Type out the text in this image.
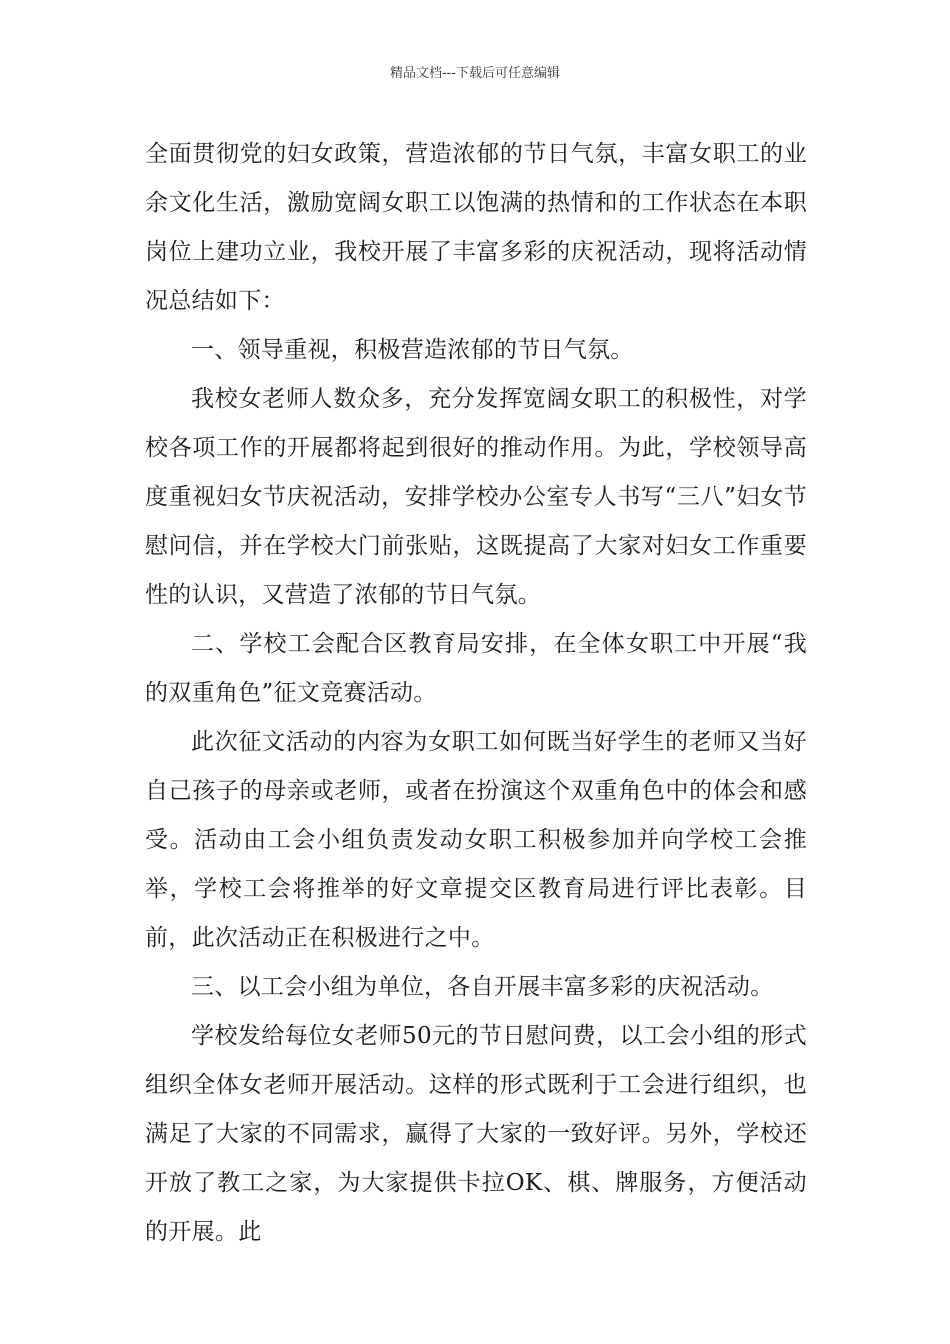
精品文档---下载后可任意编辑

全面贯彻党的妇女政策，营造浓郁的节日气氛，丰富女职工的业余文化生活，激励宽阔女职工以饱满的热情和的工作状态在本职岗位上建功立业，我校开展了丰富多彩的庆祝活动，现将活动情况总结如下：

一、领导重视，积极营造浓郁的节日气氛。

我校女老师人数众多，充分发挥宽阔女职工的积极性，对学校各项工作的开展都将起到很好的推动作用。为此，学校领导高度重视妇女节庆祝活动，安排学校办公室专人书写“三八”妇女节慰问信，并在学校大门前张贴，这既提高了大家对妇女工作重要性的认识，又营造了浓郁的节日气氛。

二、学校工会配合区教育局安排，在全体女职工中开展“我的双重角色”征文竞赛活动。

此次征文活动的内容为女职工如何既当好学生的老师又当好自己孩子的母亲或老师，或者在扮演这个双重角色中的体会和感受。活动由工会小组负责发动女职工积极参加并向学校工会推举，学校工会将推举的好文章提交区教育局进行评比表彰。目前，此次活动正在积极进行之中。

三、以工会小组为单位，各自开展丰富多彩的庆祝活动。

学校发给每位女老师50元的节日慰问费，以工会小组的形式组织全体女老师开展活动。这样的形式既利于工会进行组织，也满足了大家的不同需求，赢得了大家的一致好评。另外，学校还开放了教工之家，为大家提供卡拉OK、棋、牌服务，方便活动的开展。此
